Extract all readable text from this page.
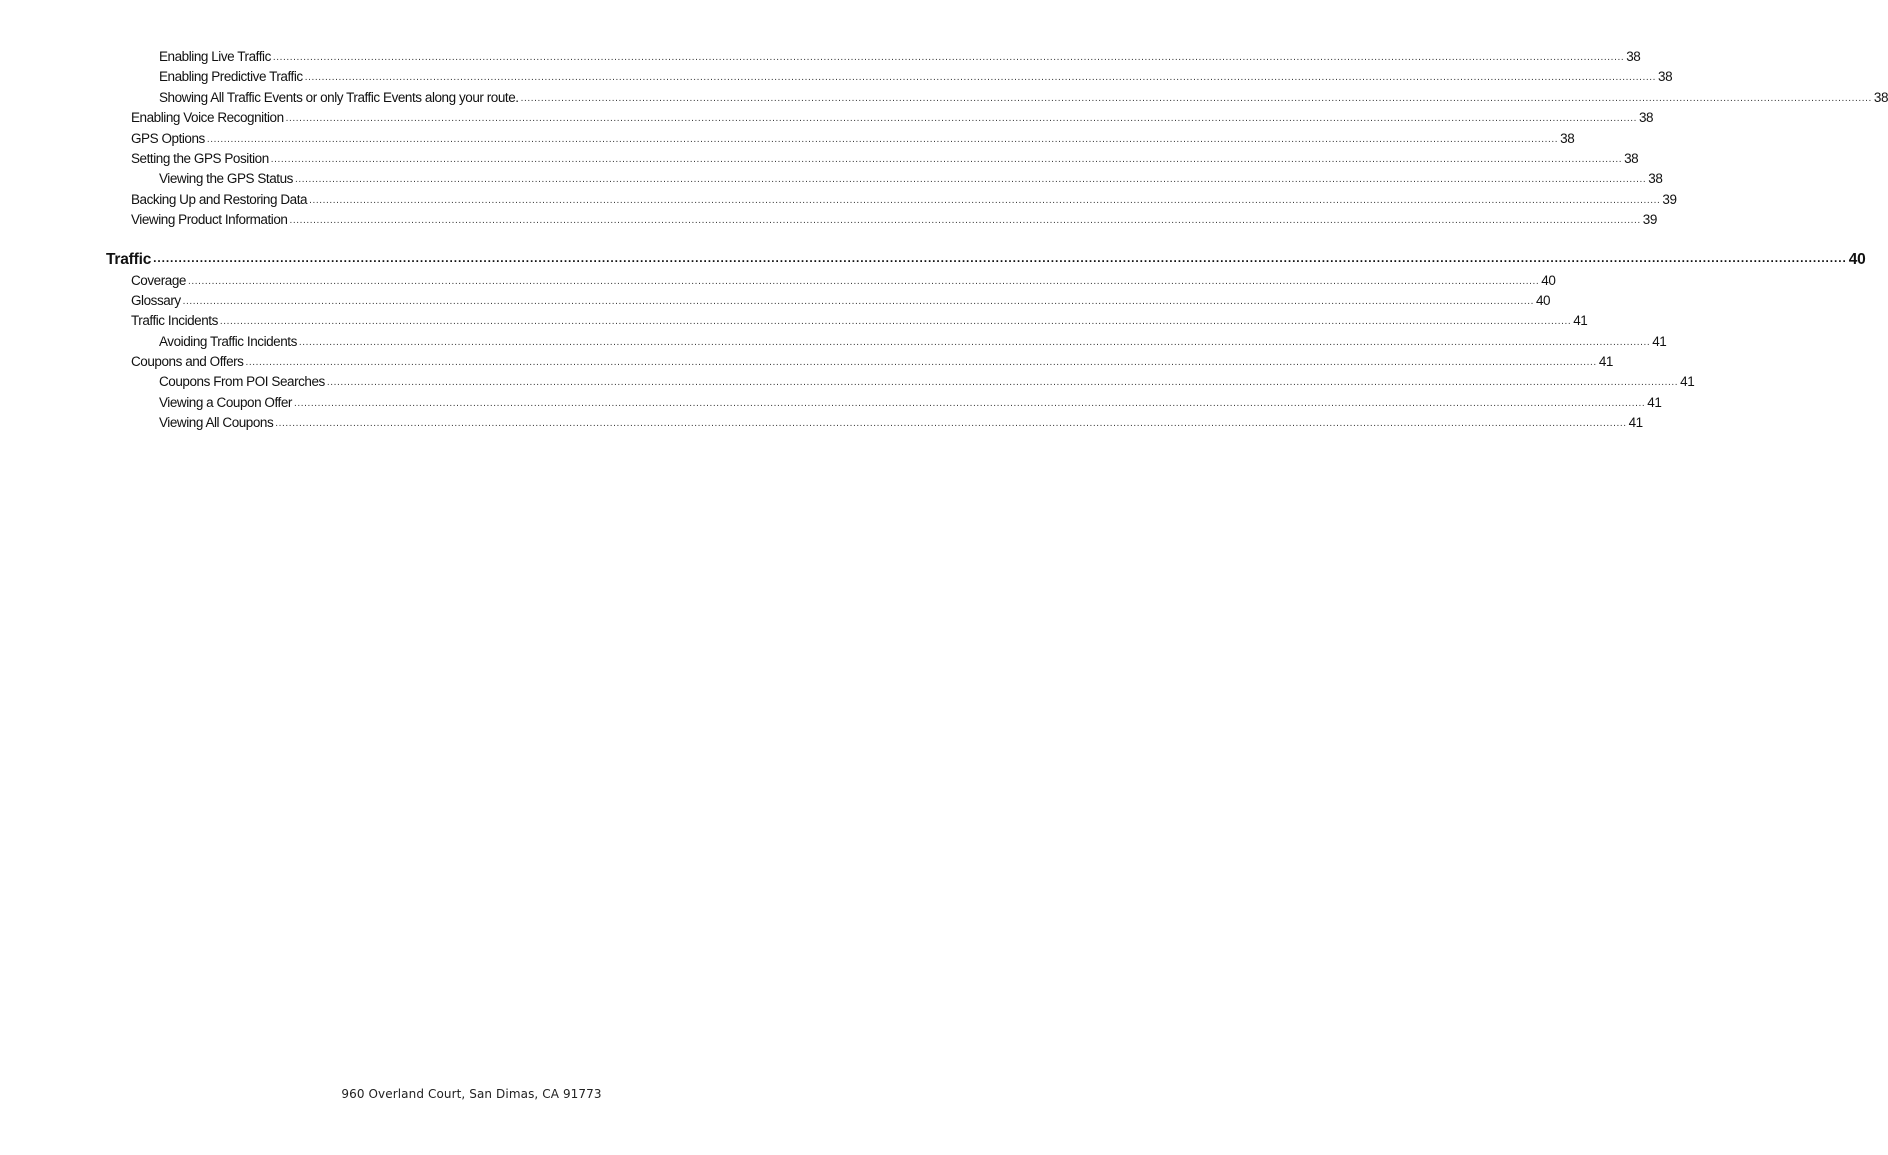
Enabling Live Traffic ................................................................................................................................................................................................................................................................................................................................................................................................................ 38
Enabling Predictive Traffic ................................................................................................................................................................................................................................................................................................................................................................................................................ 38
Showing All Traffic Events or only Traffic Events along your route. ................................................................................................................................................................................................................................................................................................................................................................................................................ 38
Enabling Voice Recognition ................................................................................................................................................................................................................................................................................................................................................................................................................ 38
GPS Options ................................................................................................................................................................................................................................................................................................................................................................................................................ 38
Setting the GPS Position ................................................................................................................................................................................................................................................................................................................................................................................................................ 38
Viewing the GPS Status ................................................................................................................................................................................................................................................................................................................................................................................................................ 38
Backing Up and Restoring Data ................................................................................................................................................................................................................................................................................................................................................................................................................ 39
Viewing Product Information ................................................................................................................................................................................................................................................................................................................................................................................................................ 39
Traffic ................................................................................................................................................................................................................................................................................................................................................................................................................ 40
Coverage ................................................................................................................................................................................................................................................................................................................................................................................................................ 40
Glossary ................................................................................................................................................................................................................................................................................................................................................................................................................ 40
Traffic Incidents ................................................................................................................................................................................................................................................................................................................................................................................................................ 41
Avoiding Traffic Incidents ................................................................................................................................................................................................................................................................................................................................................................................................................ 41
Coupons and Offers ................................................................................................................................................................................................................................................................................................................................................................................................................ 41
Coupons From POI Searches ................................................................................................................................................................................................................................................................................................................................................................................................................ 41
Viewing a Coupon Offer ................................................................................................................................................................................................................................................................................................................................................................................................................ 41
Viewing All Coupons ................................................................................................................................................................................................................................................................................................................................................................................................................ 41
960 Overland Court, San Dimas, CA 91773
